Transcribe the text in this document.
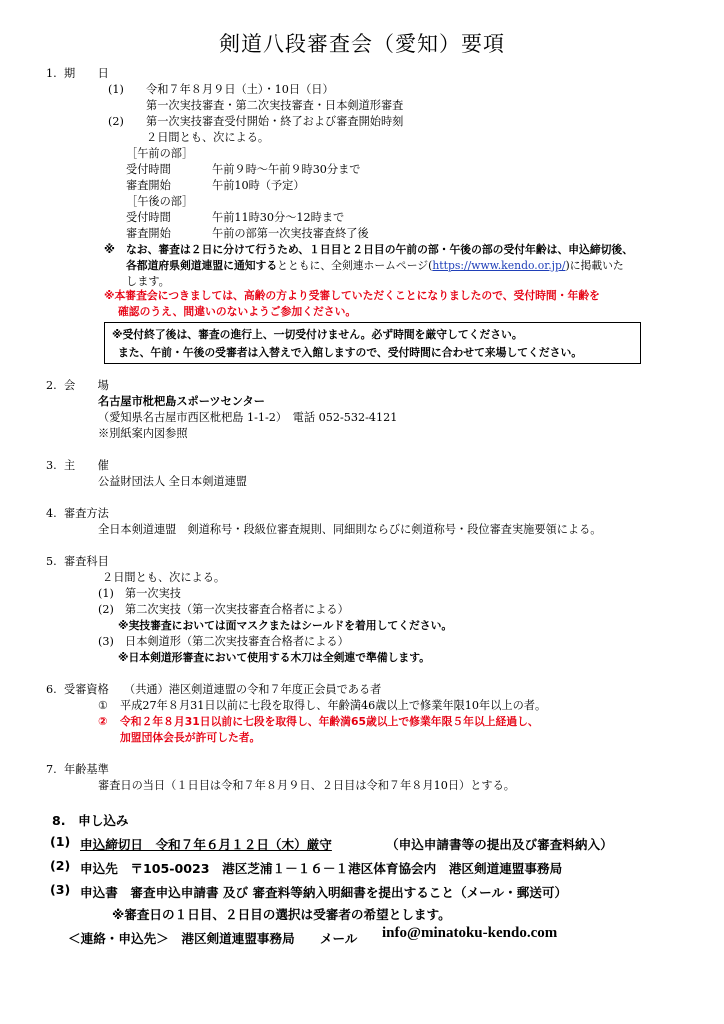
剣道八段審査会（愛知）要項
1. 期　　日
(1) 令和７年８月９日（土）・10日（日）
第一次実技審査・第二次実技審査・日本剣道形審査
(2) 第一次実技審査受付開始・終了および審査開始時刻
２日間とも、次による。
［午前の部］
受付時間	午前９時〜午前９時30分まで
審査開始	午前10時（予定）
［午後の部］
受付時間	午前11時30分〜12時まで
審査開始	午前の部第一次実技審査終了後
※ なお、審査は２日に分けて行うため、１日目と２日目の午前の部・午後の部の受付年齢は、申込締切後、
各都道府県剣道連盟に通知するとともに、全剣連ホームページ(https://www.kendo.or.jp/)に掲載いた
します。
※本審査会につきましては、高齢の方より受審していただくことになりましたので、受付時間・年齢を
確認のうえ、間違いのないようご参加ください。
※受付終了後は、審査の進行上、一切受付けません。必ず時間を厳守してください。
また、午前・午後の受審者は入替えで入館しますので、受付時間に合わせて来場してください。
2. 会　　場
名古屋市枇杷島スポーツセンター
（愛知県名古屋市西区枇杷島 1-1-2）　電話 052-532-4121
※別紙案内図参照
3. 主　　催
公益財団法人 全日本剣道連盟
4. 審査方法
全日本剣道連盟　剣道称号・段級位審査規則、同細則ならびに剣道称号・段位審査実施要領による。
5. 審査科目
２日間とも、次による。
(1)　第一次実技
(2)　第二次実技（第一次実技審査合格者による）
※実技審査においては面マスクまたはシールドを着用してください。
(3)　日本剣道形（第二次実技審査合格者による）
※日本剣道形審査において使用する木刀は全剣連で準備します。
6. 受審資格 （共通）港区剣道連盟の令和７年度正会員である者
① 平成27年８月31日以前に七段を取得し、年齢満46歳以上で修業年限10年以上の者。
② 令和２年８月31日以前に七段を取得し、年齢満65歳以上で修業年限５年以上経過し、
加盟団体会長が許可した者。
7. 年齢基準
審査日の当日（１日目は令和７年８月９日、２日目は令和７年８月10日）とする。
8.　申し込み
(1) 申込締切日　令和７年６月１２日（木）厳守	（申込申請書等の提出及び審査料納入）
(2) 申込先　〒105-0023　港区芝浦１－１６－１港区体育協会内　港区剣道連盟事務局
(3) 申込書　審査申込申請書 及び 審査料等納入明細書を提出すること（メール・郵送可）
※審査日の１日目、２日目の選択は受審者の希望とします。
＜連絡・申込先＞　港区剣道連盟事務局　　メール info@minatoku-kendo.com
